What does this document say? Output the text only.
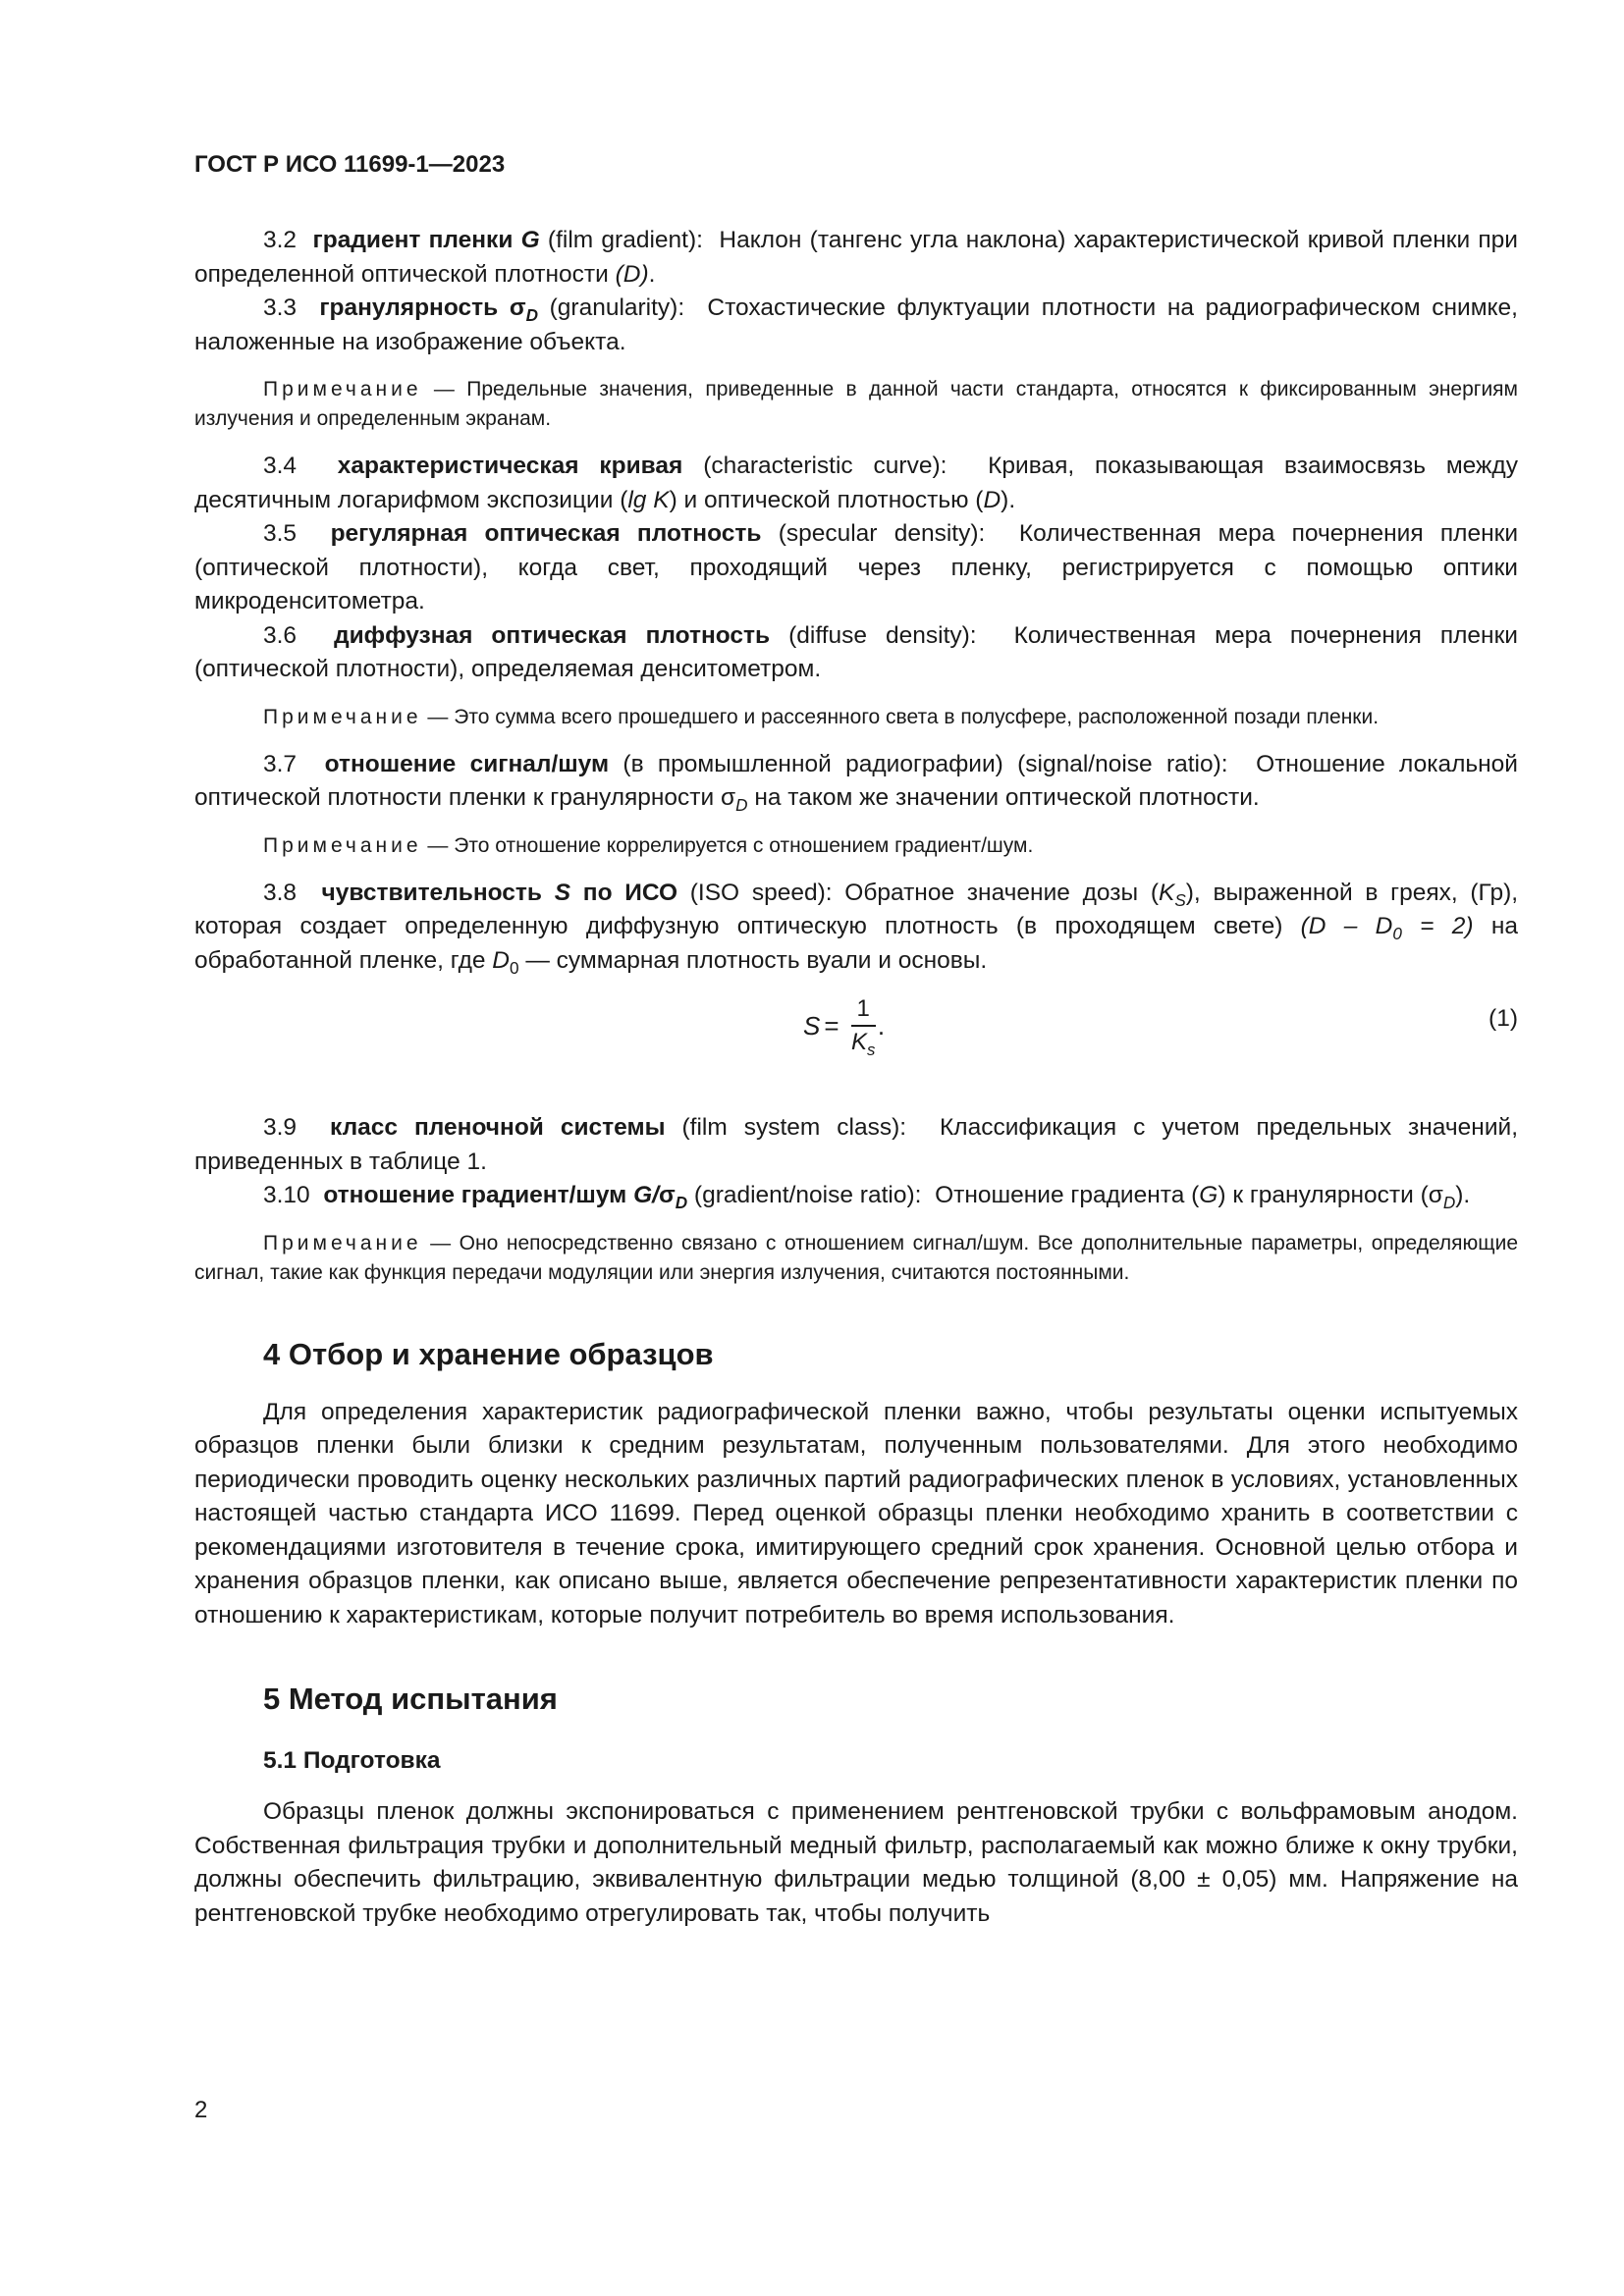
ГОСТ Р ИСО 11699-1—2023

3.2 градиент пленки G (film gradient): Наклон (тангенс угла наклона) характеристической кривой пленки при определенной оптической плотности (D).

3.3 гранулярность $\sigma_D$ (granularity): Стохастические флуктуации плотности на радиографическом снимке, наложенные на изображение объекта.

Примечание — Предельные значения, приведенные в данной части стандарта, относятся к фиксированным энергиям излучения и определенным экранам.

3.4 характеристическая кривая (characteristic curve): Кривая, показывающая взаимосвязь между десятичным логарифмом экспозиции (lg K) и оптической плотностью (D).

3.5 регулярная оптическая плотность (specular density): Количественная мера почернения пленки (оптической плотности), когда свет, проходящий через пленку, регистрируется с помощью оптики микроденситометра.

3.6 диффузная оптическая плотность (diffuse density): Количественная мера почернения пленки (оптической плотности), определяемая денситометром.

Примечание — Это сумма всего прошедшего и рассеянного света в полусфере, расположенной позади пленки.

3.7 отношение сигнал/шум (в промышленной радиографии) (signal/noise ratio): Отношение локальной оптической плотности пленки к гранулярности $\sigma_D$ на таком же значении оптической плотности.

Примечание — Это отношение коррелируется с отношением градиент/шум.

3.8 чувствительность S по ИСО (ISO speed): Обратное значение дозы $(K_S)$, выраженной в греях, (Гр), которая создает определенную диффузную оптическую плотность (в проходящем свете) $(D - D_0 = 2)$ на обработанной пленке, где $D_0$ — суммарная плотность вуали и основы.

$S = \frac{1}{K_s}$ .	(1)

3.9 класс пленочной системы (film system class): Классификация с учетом предельных значений, приведенных в таблице 1.

3.10 отношение градиент/шум $G/\sigma_D$ (gradient/noise ratio): Отношение градиента (G) к гранулярности $(\sigma_D)$.

Примечание — Оно непосредственно связано с отношением сигнал/шум. Все дополнительные параметры, определяющие сигнал, такие как функция передачи модуляции или энергия излучения, считаются постоянными.

4 Отбор и хранение образцов

Для определения характеристик радиографической пленки важно, чтобы результаты оценки испытуемых образцов пленки были близки к средним результатам, полученным пользователями. Для этого необходимо периодически проводить оценку нескольких различных партий радиографических пленок в условиях, установленных настоящей частью стандарта ИСО 11699. Перед оценкой образцы пленки необходимо хранить в соответствии с рекомендациями изготовителя в течение срока, имитирующего средний срок хранения. Основной целью отбора и хранения образцов пленки, как описано выше, является обеспечение репрезентативности характеристик пленки по отношению к характеристикам, которые получит потребитель во время использования.

5 Метод испытания
5.1 Подготовка

Образцы пленок должны экспонироваться с применением рентгеновской трубки с вольфрамовым анодом. Собственная фильтрация трубки и дополнительный медный фильтр, располагаемый как можно ближе к окну трубки, должны обеспечить фильтрацию, эквивалентную фильтрации медью толщиной (8,00 ± 0,05) мм. Напряжение на рентгеновской трубке необходимо отрегулировать так, чтобы получить

2
